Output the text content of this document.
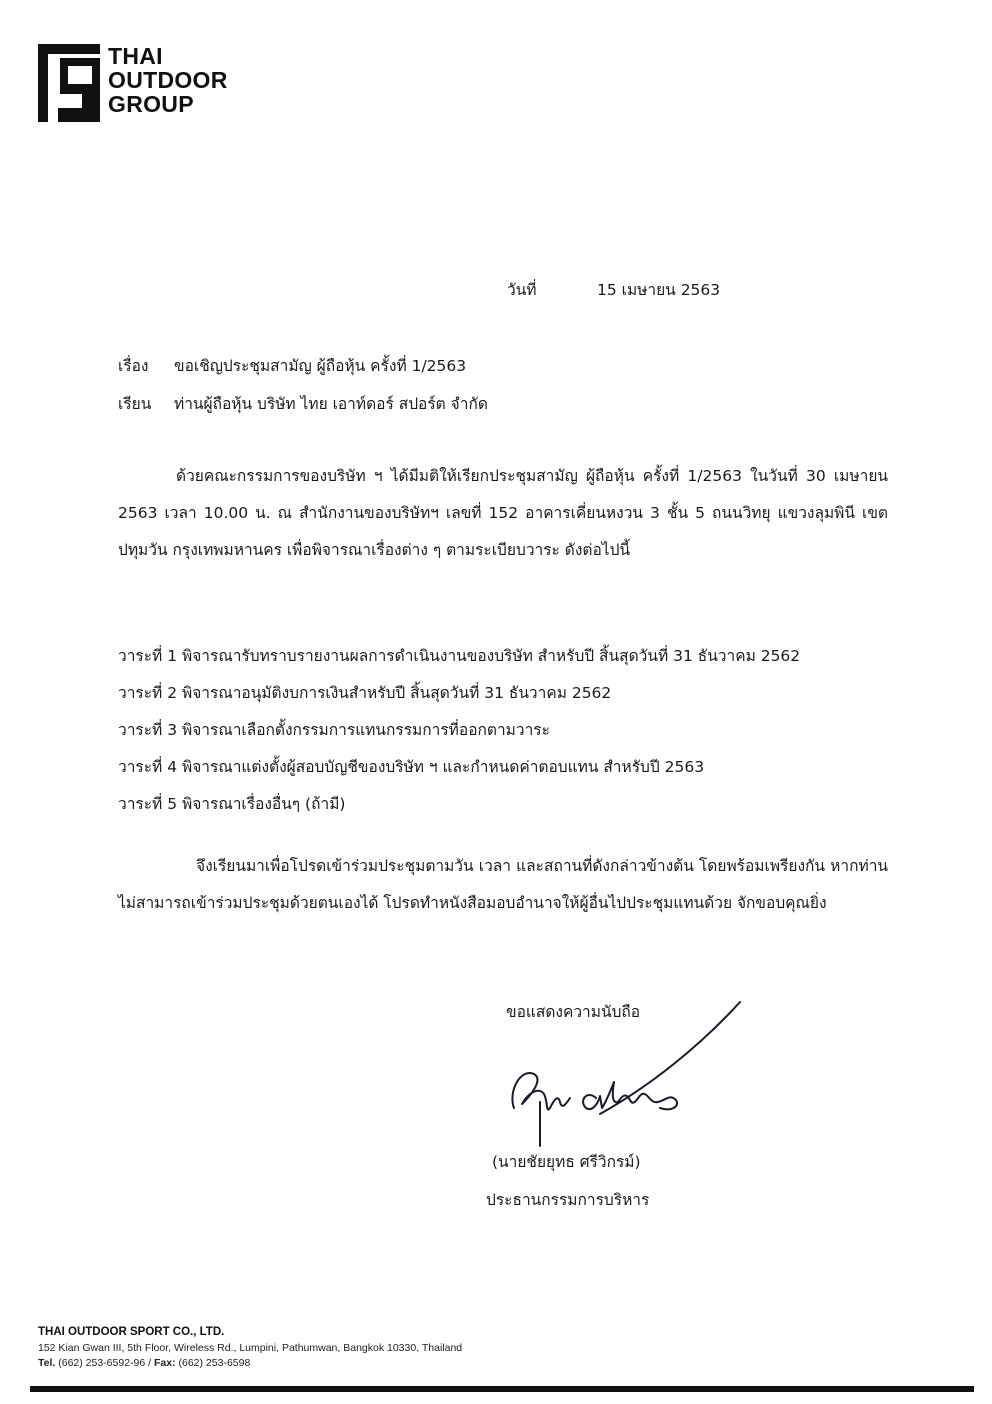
THAI
OUTDOOR
GROUP
วันที่	15 เมษายน 2563
เรื่อง ขอเชิญประชุมสามัญ ผู้ถือหุ้น ครั้งที่ 1/2563
เรียน ท่านผู้ถือหุ้น บริษัท ไทย เอาท์ดอร์ สปอร์ต จำกัด

ด้วยคณะกรรมการของบริษัท ฯ ได้มีมติให้เรียกประชุมสามัญ ผู้ถือหุ้น ครั้งที่ 1/2563 ในวันที่ 30 เมษายน 2563 เวลา 10.00 น. ณ สำนักงานของบริษัทฯ เลขที่ 152 อาคารเคี่ยนหงวน 3 ชั้น 5 ถนนวิทยุ แขวงลุมพินี เขตปทุมวัน กรุงเทพมหานคร เพื่อพิจารณาเรื่องต่าง ๆ ตามระเบียบวาระ ดังต่อไปนี้

วาระที่ 1 พิจารณารับทราบรายงานผลการดำเนินงานของบริษัท สำหรับปี สิ้นสุดวันที่ 31 ธันวาคม 2562
วาระที่ 2 พิจารณาอนุมัติงบการเงินสำหรับปี สิ้นสุดวันที่ 31 ธันวาคม 2562
วาระที่ 3 พิจารณาเลือกตั้งกรรมการแทนกรรมการที่ออกตามวาระ
วาระที่ 4 พิจารณาแต่งตั้งผู้สอบบัญชีของบริษัท ฯ และกำหนดค่าตอบแทน สำหรับปี 2563
วาระที่ 5 พิจารณาเรื่องอื่นๆ (ถ้ามี)

จึงเรียนมาเพื่อโปรดเข้าร่วมประชุมตามวัน เวลา และสถานที่ดังกล่าวข้างต้น โดยพร้อมเพรียงกัน หากท่านไม่สามารถเข้าร่วมประชุมด้วยตนเองได้ โปรดทำหนังสือมอบอำนาจให้ผู้อื่นไปประชุมแทนด้วย จักขอบคุณยิ่ง

ขอแสดงความนับถือ
(นายชัยยุทธ ศรีวิกรม์)
ประธานกรรมการบริหาร
THAI OUTDOOR SPORT CO., LTD.
152 Kian Gwan III, 5th Floor, Wireless Rd., Lumpini, Pathumwan, Bangkok 10330, Thailand
Tel. (662) 253-6592-96 / Fax: (662) 253-6598
